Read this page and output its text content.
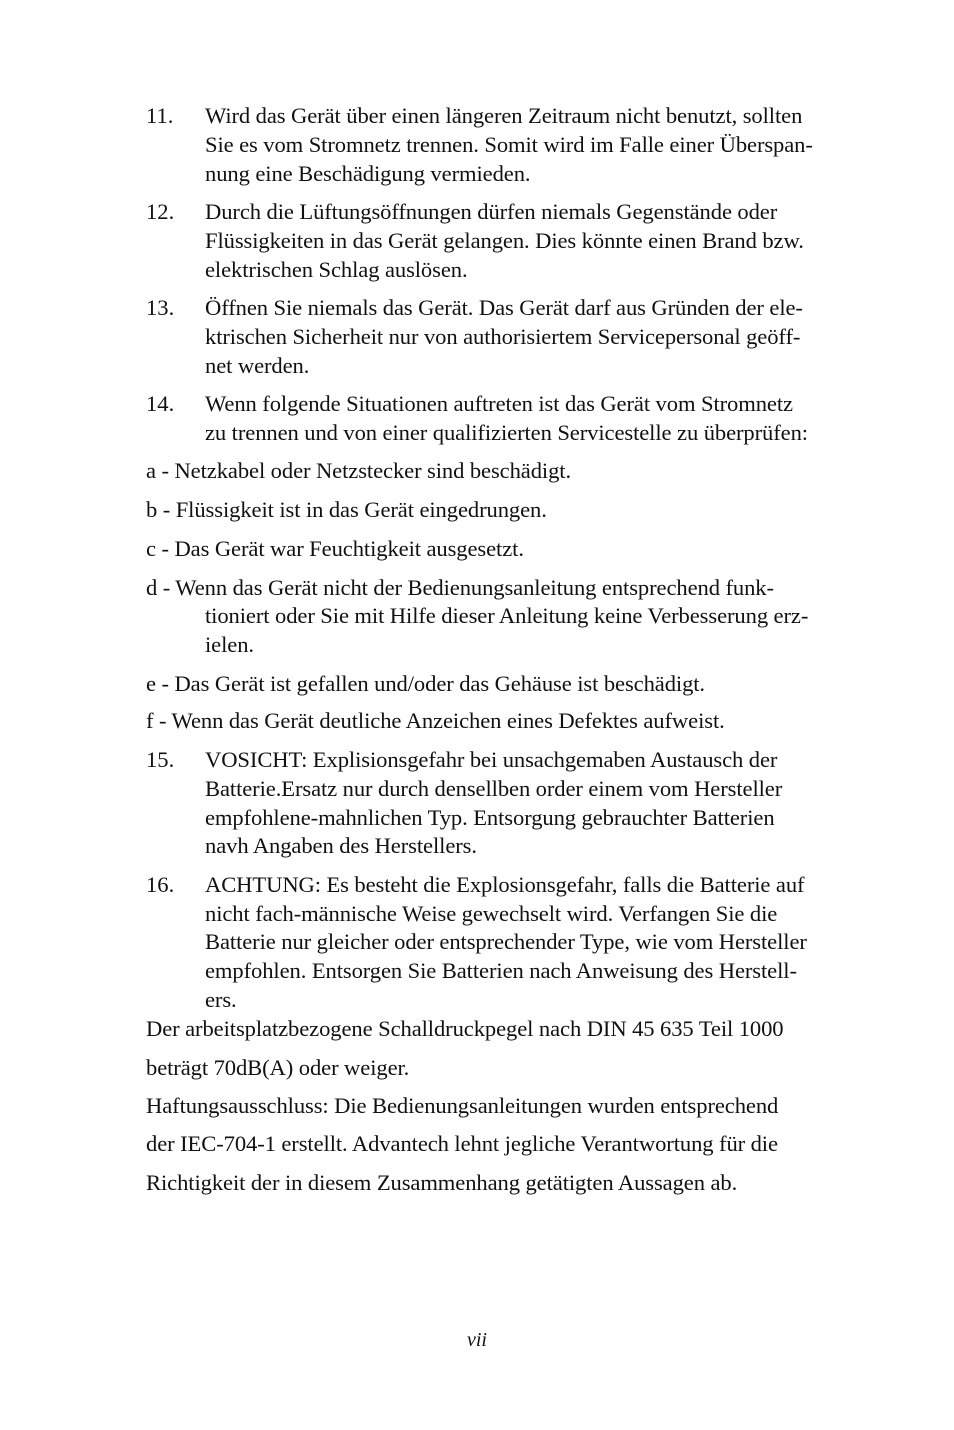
11. Wird das Gerät über einen längeren Zeitraum nicht benutzt, sollten
Sie es vom Stromnetz trennen. Somit wird im Falle einer Überspan-
nung eine Beschädigung vermieden.
12. Durch die Lüftungsöffnungen dürfen niemals Gegenstände oder
Flüssigkeiten in das Gerät gelangen. Dies könnte einen Brand bzw.
elektrischen Schlag auslösen.
13. Öffnen Sie niemals das Gerät. Das Gerät darf aus Gründen der ele-
ktrischen Sicherheit nur von authorisiertem Servicepersonal geöff-
net werden.
14. Wenn folgende Situationen auftreten ist das Gerät vom Stromnetz
zu trennen und von einer qualifizierten Servicestelle zu überprüfen:
a - Netzkabel oder Netzstecker sind beschädigt.
b - Flüssigkeit ist in das Gerät eingedrungen.
c - Das Gerät war Feuchtigkeit ausgesetzt.
d - Wenn das Gerät nicht der Bedienungsanleitung entsprechend funk-
tioniert oder Sie mit Hilfe dieser Anleitung keine Verbesserung erz-
ielen.
e - Das Gerät ist gefallen und/oder das Gehäuse ist beschädigt.
f - Wenn das Gerät deutliche Anzeichen eines Defektes aufweist.
15. VOSICHT: Explisionsgefahr bei unsachgemaben Austausch der
Batterie.Ersatz nur durch densellben order einem vom Hersteller
empfohlene-mahnlichen Typ. Entsorgung gebrauchter Batterien
navh Angaben des Herstellers.
16. ACHTUNG: Es besteht die Explosionsgefahr, falls die Batterie auf
nicht fach-männische Weise gewechselt wird. Verfangen Sie die
Batterie nur gleicher oder entsprechender Type, wie vom Hersteller
empfohlen. Entsorgen Sie Batterien nach Anweisung des Herstell-
ers.
Der arbeitsplatzbezogene Schalldruckpegel nach DIN 45 635 Teil 1000
beträgt 70dB(A) oder weiger.
Haftungsausschluss: Die Bedienungsanleitungen wurden entsprechend
der IEC-704-1 erstellt. Advantech lehnt jegliche Verantwortung für die
Richtigkeit der in diesem Zusammenhang getätigten Aussagen ab.
vii
